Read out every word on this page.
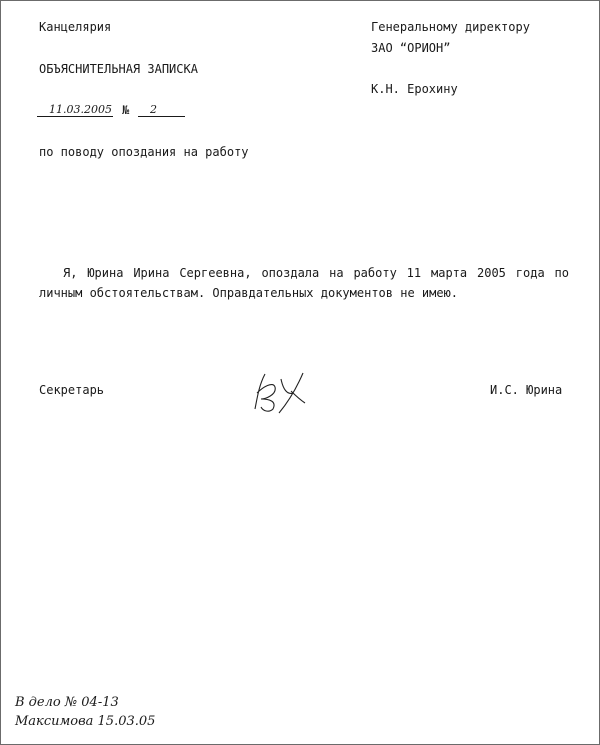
Канцелярия
ОБЪЯСНИТЕЛЬНАЯ ЗАПИСКА
11.03.2005 № 2
по поводу опоздания на работу
Генеральному директору
ЗАО “ОРИОН”
К.Н. Ерохину
Я, Юрина Ирина Сергеевна, опоздала на работу 11 марта 2005 года по личным обстоятельствам. Оправдательных документов не имею.
Секретарь	И.С. Юрина
В дело № 04-13
Максимова 15.03.05
